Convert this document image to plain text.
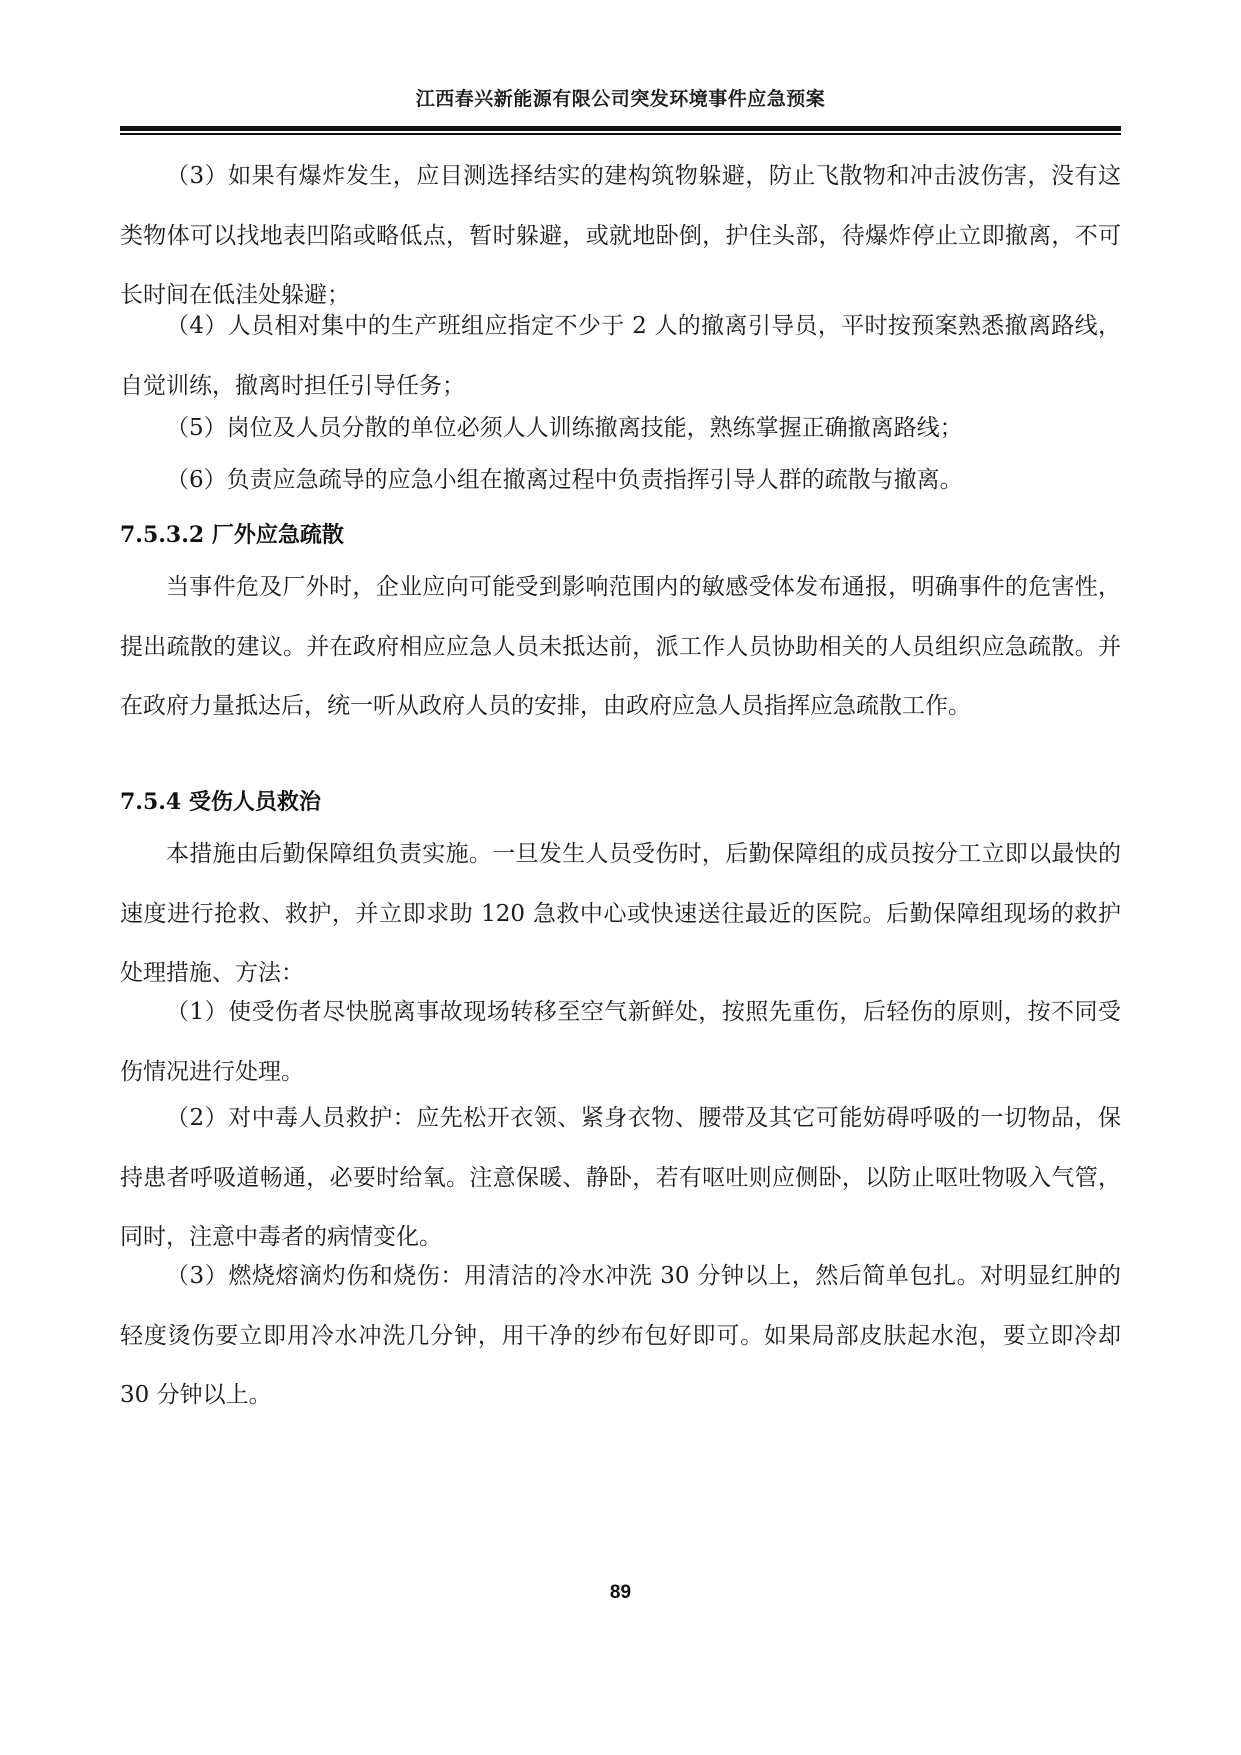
江西春兴新能源有限公司突发环境事件应急预案

（3）如果有爆炸发生，应目测选择结实的建构筑物躲避，防止飞散物和冲击波伤害，没有这类物体可以找地表凹陷或略低点，暂时躲避，或就地卧倒，护住头部，待爆炸停止立即撤离，不可长时间在低洼处躲避；

（4）人员相对集中的生产班组应指定不少于 2 人的撤离引导员，平时按预案熟悉撤离路线，自觉训练，撤离时担任引导任务；

（5）岗位及人员分散的单位必须人人训练撤离技能，熟练掌握正确撤离路线；

（6）负责应急疏导的应急小组在撤离过程中负责指挥引导人群的疏散与撤离。

7.5.3.2 厂外应急疏散

当事件危及厂外时，企业应向可能受到影响范围内的敏感受体发布通报，明确事件的危害性，提出疏散的建议。并在政府相应应急人员未抵达前，派工作人员协助相关的人员组织应急疏散。并在政府力量抵达后，统一听从政府人员的安排，由政府应急人员指挥应急疏散工作。

7.5.4 受伤人员救治

本措施由后勤保障组负责实施。一旦发生人员受伤时，后勤保障组的成员按分工立即以最快的速度进行抢救、救护，并立即求助 120 急救中心或快速送往最近的医院。后勤保障组现场的救护处理措施、方法：

（1）使受伤者尽快脱离事故现场转移至空气新鲜处，按照先重伤，后轻伤的原则，按不同受伤情况进行处理。

（2）对中毒人员救护：应先松开衣领、紧身衣物、腰带及其它可能妨碍呼吸的一切物品，保持患者呼吸道畅通，必要时给氧。注意保暖、静卧，若有呕吐则应侧卧，以防止呕吐物吸入气管，同时，注意中毒者的病情变化。

（3）燃烧熔滴灼伤和烧伤：用清洁的冷水冲洗 30 分钟以上，然后简单包扎。对明显红肿的轻度烫伤要立即用冷水冲洗几分钟，用干净的纱布包好即可。如果局部皮肤起水泡，要立即冷却 30 分钟以上。

89
